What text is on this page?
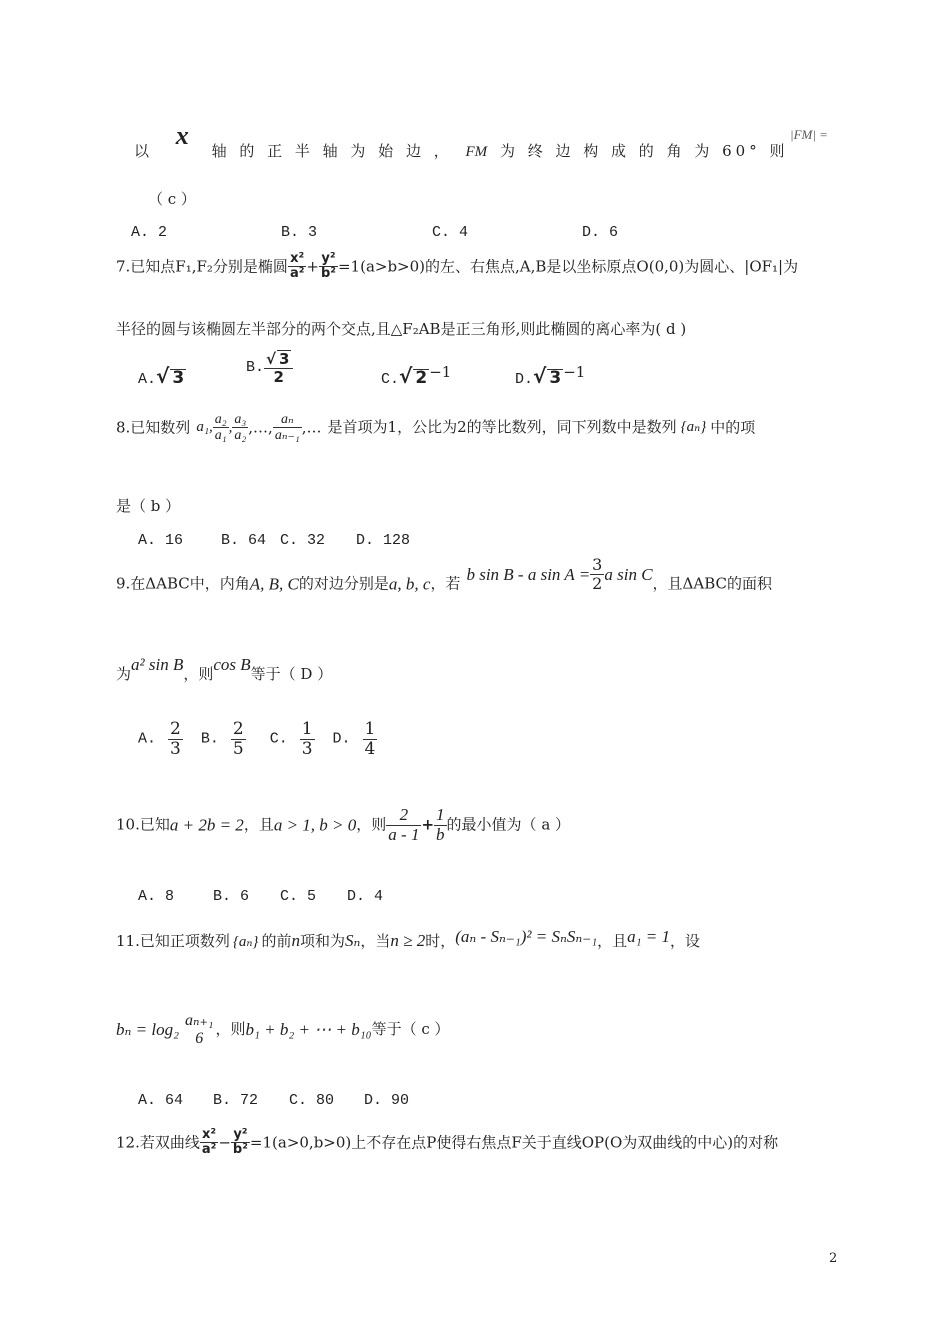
以 x 轴 的 正 半 轴 为 始 边 ， FM 为 终 边 构 成 的 角 为 60° 则
|FM| =
（ c ）
A. 2	B. 3	C. 4	D. 6
7.已知点F₁,F₂分别是椭圆 $\frac{\text{x²}}{\text{a²}} + \frac{\text{y²}}{\text{b²}} =1(a>b>0)$的左、右焦点,A,B是以坐标原点O(0,0)为圆心、|OF₁|为
半径的圆与该椭圆左半部分的两个交点,且△F₂AB是正三角形,则此椭圆的离心率为( d )
A.√ 3
B. $\frac{√ 3}{2}$	C.√ 2 −1	D.√ 3 −1
8.已知数列 a₁, $\frac{\text{a₂}}{\text{a₁}}$ , $\frac{\text{a₃}}{\text{a₂}}$ ,…, $\frac{\text{aₙ}}{\text{aₙ₋₁}}$ ,… 是首项为1，公比为2的等比数列，同下列数中是数列 {aₙ} 中的项
是（ b ）
A. 16	B. 64 C. 32 D. 128
9.在ΔABC中，内角A, B, C的对边分别是a, b, c，若 b sin B - a $\sin A = \frac{3}{2}$ a sin C，且ΔABC的面积
为a² sin B，则cos B等于（ D ）
A. $\frac{2}{3} B$. $\frac{2}{5} C$. $\frac{1}{3} D$. $\frac{1}{4}$
10.已知a + 2b = 2，且a > 1, b > 0，则 $\frac{2}{a - 1} + \frac{1}{b}$ 的最小值为（ a ）
A. 8	B. 6 C. 5 D. 4
11.已知正项数列 {aₙ} 的前n项和为Sₙ，当n ≥ 2时，(aₙ - Sₙ₋₁)² = SₙSₙ₋₁，且a₁ = 1，设
bₙ = log₂ aₙ₊₁
6 ，则b₁ + b₂ + ⋯ + b₁₀等于（ c ）
A. 64 B. 72 C. 80 D. 90
12.若双曲线 $\frac{\text{x²}}{\text{a²}} - \frac{\text{y²}}{\text{b²}} =1(a>0,b>0)$上不存在点P使得右焦点F关于直线OP(O为双曲线的中心)的对称
2
